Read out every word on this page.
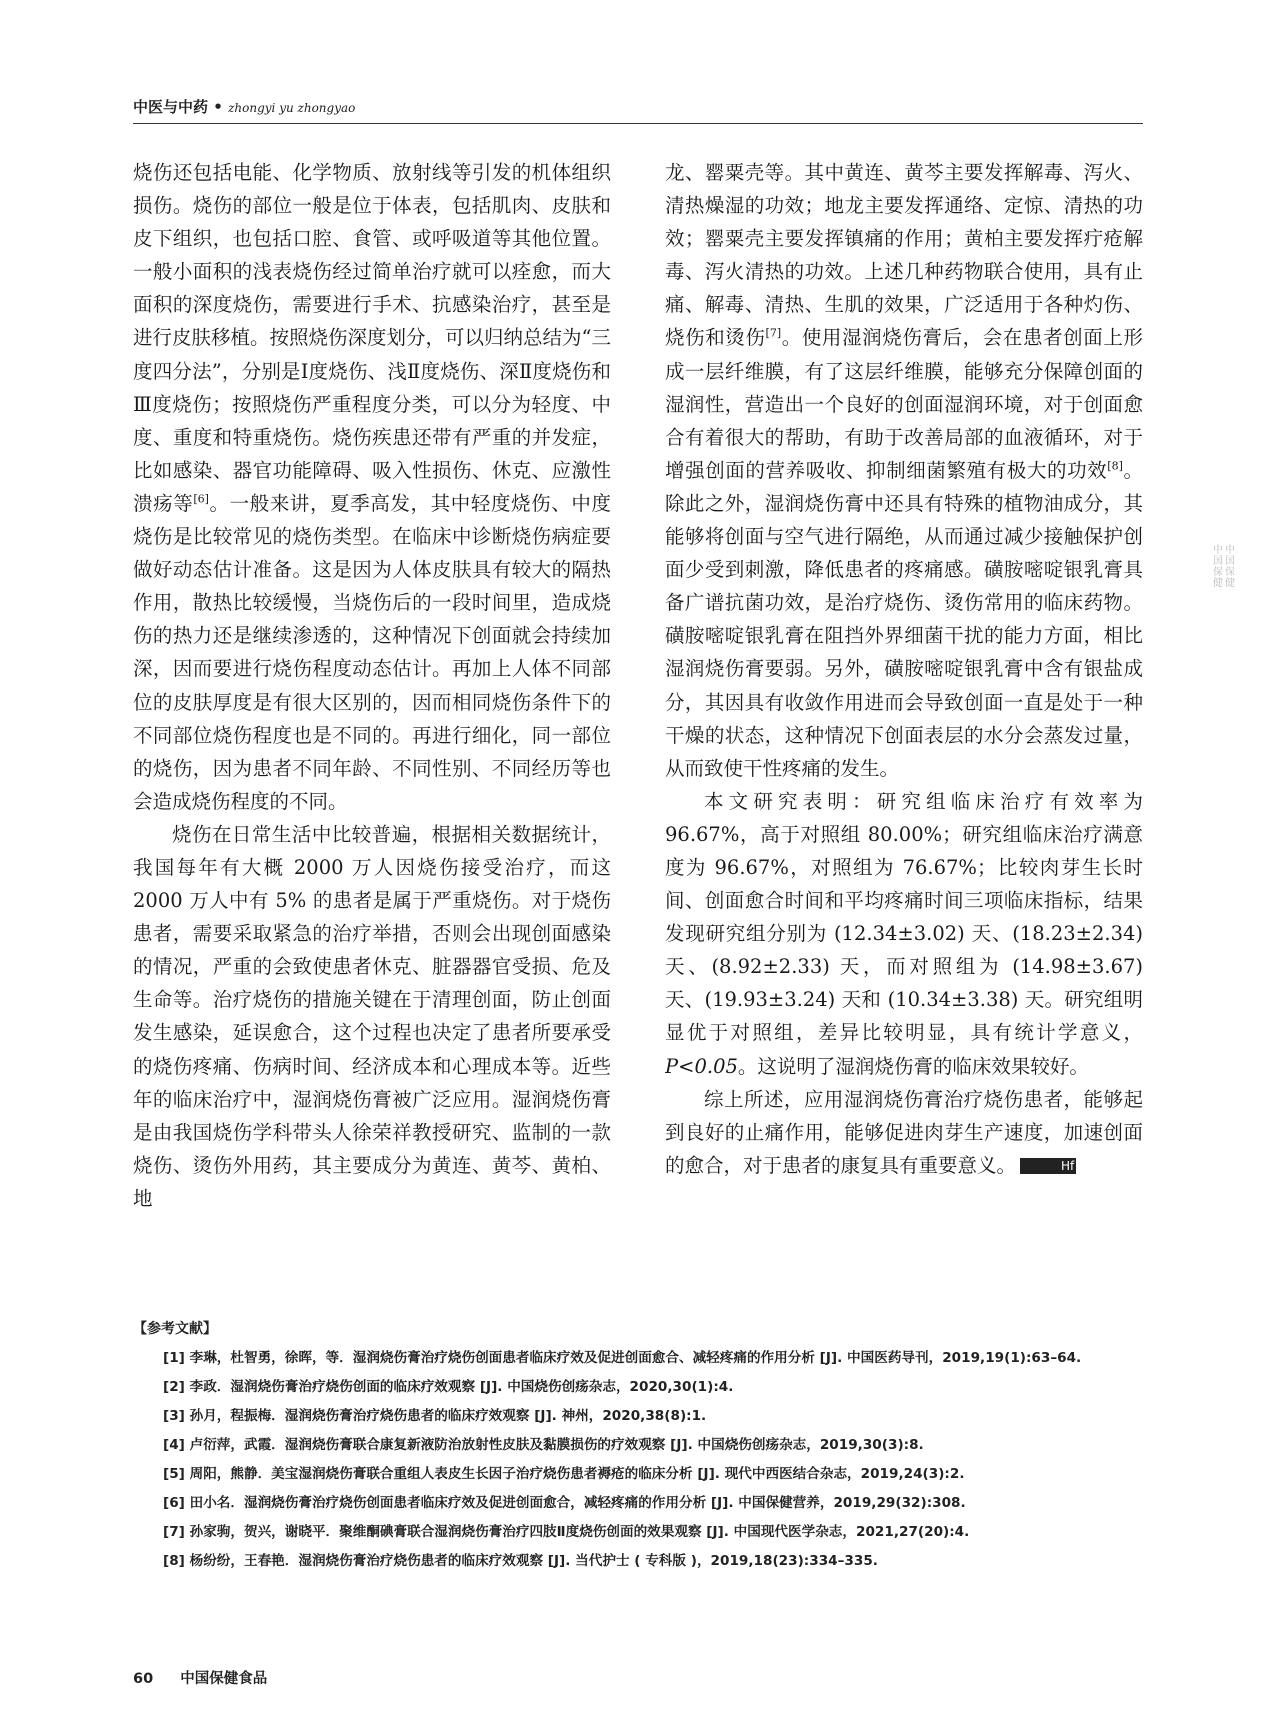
中医与中药 • zhongyi yu zhongyao

烧伤还包括电能、化学物质、放射线等引发的机体组织损伤。烧伤的部位一般是位于体表，包括肌肉、皮肤和皮下组织，也包括口腔、食管、或呼吸道等其他位置。一般小面积的浅表烧伤经过简单治疗就可以痊愈，而大面积的深度烧伤，需要进行手术、抗感染治疗，甚至是进行皮肤移植。按照烧伤深度划分，可以归纳总结为“三度四分法”，分别是Ⅰ度烧伤、浅Ⅱ度烧伤、深Ⅱ度烧伤和Ⅲ度烧伤；按照烧伤严重程度分类，可以分为轻度、中度、重度和特重烧伤。烧伤疾患还带有严重的并发症，比如感染、器官功能障碍、吸入性损伤、休克、应激性溃疡等[6]。一般来讲，夏季高发，其中轻度烧伤、中度烧伤是比较常见的烧伤类型。在临床中诊断烧伤病症要做好动态估计准备。这是因为人体皮肤具有较大的隔热作用，散热比较缓慢，当烧伤后的一段时间里，造成烧伤的热力还是继续渗透的，这种情况下创面就会持续加深，因而要进行烧伤程度动态估计。再加上人体不同部位的皮肤厚度是有很大区别的，因而相同烧伤条件下的不同部位烧伤程度也是不同的。再进行细化，同一部位的烧伤，因为患者不同年龄、不同性别、不同经历等也会造成烧伤程度的不同。

烧伤在日常生活中比较普遍，根据相关数据统计，我国每年有大概 2000 万人因烧伤接受治疗，而这 2000 万人中有 5% 的患者是属于严重烧伤。对于烧伤患者，需要采取紧急的治疗举措，否则会出现创面感染的情况，严重的会致使患者休克、脏器器官受损、危及生命等。治疗烧伤的措施关键在于清理创面，防止创面发生感染，延误愈合，这个过程也决定了患者所要承受的烧伤疼痛、伤病时间、经济成本和心理成本等。近些年的临床治疗中，湿润烧伤膏被广泛应用。湿润烧伤膏是由我国烧伤学科带头人徐荣祥教授研究、监制的一款烧伤、烫伤外用药，其主要成分为黄连、黄芩、黄柏、地

龙、罂粟壳等。其中黄连、黄芩主要发挥解毒、泻火、清热燥湿的功效；地龙主要发挥通络、定惊、清热的功效；罂粟壳主要发挥镇痛的作用；黄柏主要发挥疔疮解毒、泻火清热的功效。上述几种药物联合使用，具有止痛、解毒、清热、生肌的效果，广泛适用于各种灼伤、烧伤和烫伤[7]。使用湿润烧伤膏后，会在患者创面上形成一层纤维膜，有了这层纤维膜，能够充分保障创面的湿润性，营造出一个良好的创面湿润环境，对于创面愈合有着很大的帮助，有助于改善局部的血液循环，对于增强创面的营养吸收、抑制细菌繁殖有极大的功效[8]。除此之外，湿润烧伤膏中还具有特殊的植物油成分，其能够将创面与空气进行隔绝，从而通过减少接触保护创面少受到刺激，降低患者的疼痛感。磺胺嘧啶银乳膏具备广谱抗菌功效，是治疗烧伤、烫伤常用的临床药物。磺胺嘧啶银乳膏在阻挡外界细菌干扰的能力方面，相比湿润烧伤膏要弱。另外，磺胺嘧啶银乳膏中含有银盐成分，其因具有收敛作用进而会导致创面一直是处于一种干燥的状态，这种情况下创面表层的水分会蒸发过量，从而致使干性疼痛的发生。

本文研究表明：研究组临床治疗有效率为 96.67%，高于对照组 80.00%；研究组临床治疗满意度为 96.67%，对照组为 76.67%；比较肉芽生长时间、创面愈合时间和平均疼痛时间三项临床指标，结果发现研究组分别为 (12.34±3.02) 天、(18.23±2.34) 天、(8.92±2.33) 天，而对照组为 (14.98±3.67) 天、(19.93±3.24) 天和 (10.34±3.38) 天。研究组明显优于对照组，差异比较明显，具有统计学意义，P<0.05。这说明了湿润烧伤膏的临床效果较好。

综上所述，应用湿润烧伤膏治疗烧伤患者，能够起到良好的止痛作用，能够促进肉芽生产速度，加速创面的愈合，对于患者的康复具有重要意义。	Hf

中
国
保
健中
国
保
健

【参考文献】

[1] 李琳，杜智勇，徐晖，等．湿润烧伤膏治疗烧伤创面患者临床疗效及促进创面愈合、减轻疼痛的作用分析 [J]. 中国医药导刊，2019,19(1):63–64.

[2] 李政．湿润烧伤膏治疗烧伤创面的临床疗效观察 [J]. 中国烧伤创疡杂志，2020,30(1):4.

[3] 孙月，程振梅．湿润烧伤膏治疗烧伤患者的临床疗效观察 [J]. 神州，2020,38(8):1.

[4] 卢衍萍，武霞．湿润烧伤膏联合康复新液防治放射性皮肤及黏膜损伤的疗效观察 [J]. 中国烧伤创疡杂志，2019,30(3):8.

[5] 周阳，熊静．美宝湿润烧伤膏联合重组人表皮生长因子治疗烧伤患者褥疮的临床分析 [J]. 现代中西医结合杂志，2019,24(3):2.

[6] 田小名．湿润烧伤膏治疗烧伤创面患者临床疗效及促进创面愈合，减轻疼痛的作用分析 [J]. 中国保健营养，2019,29(32):308.

[7] 孙家驹，贺兴，谢晓平．聚维酮碘膏联合湿润烧伤膏治疗四肢Ⅱ度烧伤创面的效果观察 [J]. 中国现代医学杂志，2021,27(20):4.

[8] 杨纷纷，王春艳．湿润烧伤膏治疗烧伤患者的临床疗效观察 [J]. 当代护士 ( 专科版 )，2019,18(23):334–335.

60 中国保健食品
